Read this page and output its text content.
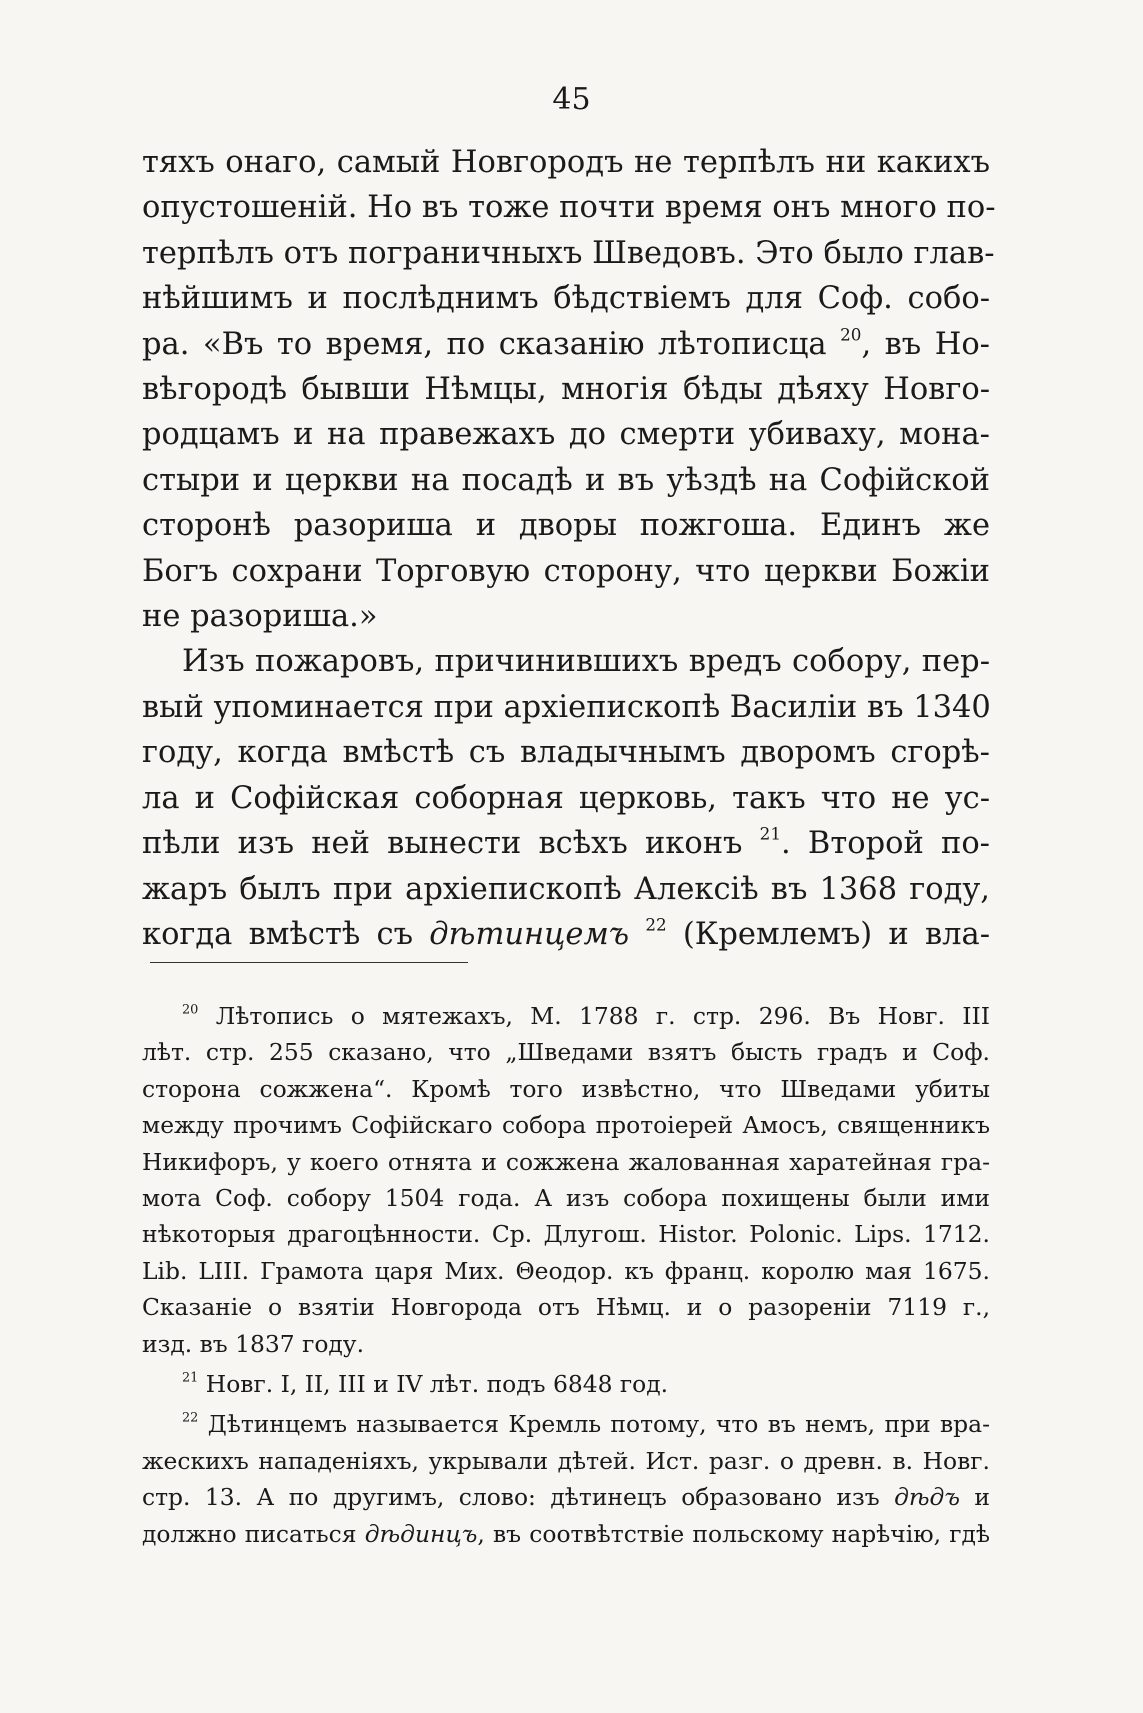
45
тяхъ онаго, самый Новгородъ не терпѣлъ ни какихъ
опустошеній. Но въ тоже почти время онъ много по-
терпѣлъ отъ пограничныхъ Шведовъ. Это было глав-
нѣйшимъ и послѣднимъ бѣдствіемъ для Соф. собо-
ра. «Въ то время, по сказанію лѣтописца $^{20}$, въ Но-
вѣгородѣ бывши Нѣмцы, многія бѣды дѣяху Новго-
родцамъ и на правежахъ до смерти убиваху, мона-
стыри и церкви на посадѣ и въ уѣздѣ на Софійской
сторонѣ разориша и дворы пожгоша. Единъ же
Богъ сохрани Торговую сторону, что церкви Божіи
не разориша.»
Изъ пожаровъ, причинившихъ вредъ собору, пер-
вый упоминается при архіепископѣ Василіи въ 1340
году, когда вмѣстѣ съ владычнымъ дворомъ сгорѣ-
ла и Софійская соборная церковь, такъ что не ус-
пѣли изъ ней вынести всѣхъ иконъ $^{21}$. Второй по-
жаръ былъ при архіепископѣ Алексіѣ въ 1368 году,
когда вмѣстѣ съ дѣтинцемъ $^{22}$ (Кремлемъ) и вла-
$^{20}$ Лѣтопись о мятежахъ, М. 1788 г. стр. 296. Въ Новг. III
лѣт. стр. 255 сказано, что „Шведами взятъ бысть градъ и Соф.
сторона сожжена“. Кромѣ того извѣстно, что Шведами убиты
между прочимъ Софійскаго собора протоіерей Амосъ, священникъ
Никифоръ, у коего отнята и сожжена жалованная харатейная гра-
мота Соф. собору 1504 года. А изъ собора похищены были ими
нѣкоторыя драгоцѣнности. Ср. Длугош. Histor. Polonic. Lips. 1712.
Lib. LIII. Грамота царя Мих. Θеодор. къ франц. королю мая 1675.
Сказаніе о взятіи Новгорода отъ Нѣмц. и о разореніи 7119 г.,
изд. въ 1837 году.
$^{21}$ Новг. I, II, III и IV лѣт. подъ 6848 год.
$^{22}$ Дѣтинцемъ называется Кремль потому, что въ немъ, при вра-
жескихъ нападеніяхъ, укрывали дѣтей. Ист. разг. о древн. в. Новг.
стр. 13. А по другимъ, слово: дѣтинецъ образовано изъ дѣдъ и
должно писаться дѣдинцъ, въ соотвѣтствіе польскому нарѣчію, гдѣ
